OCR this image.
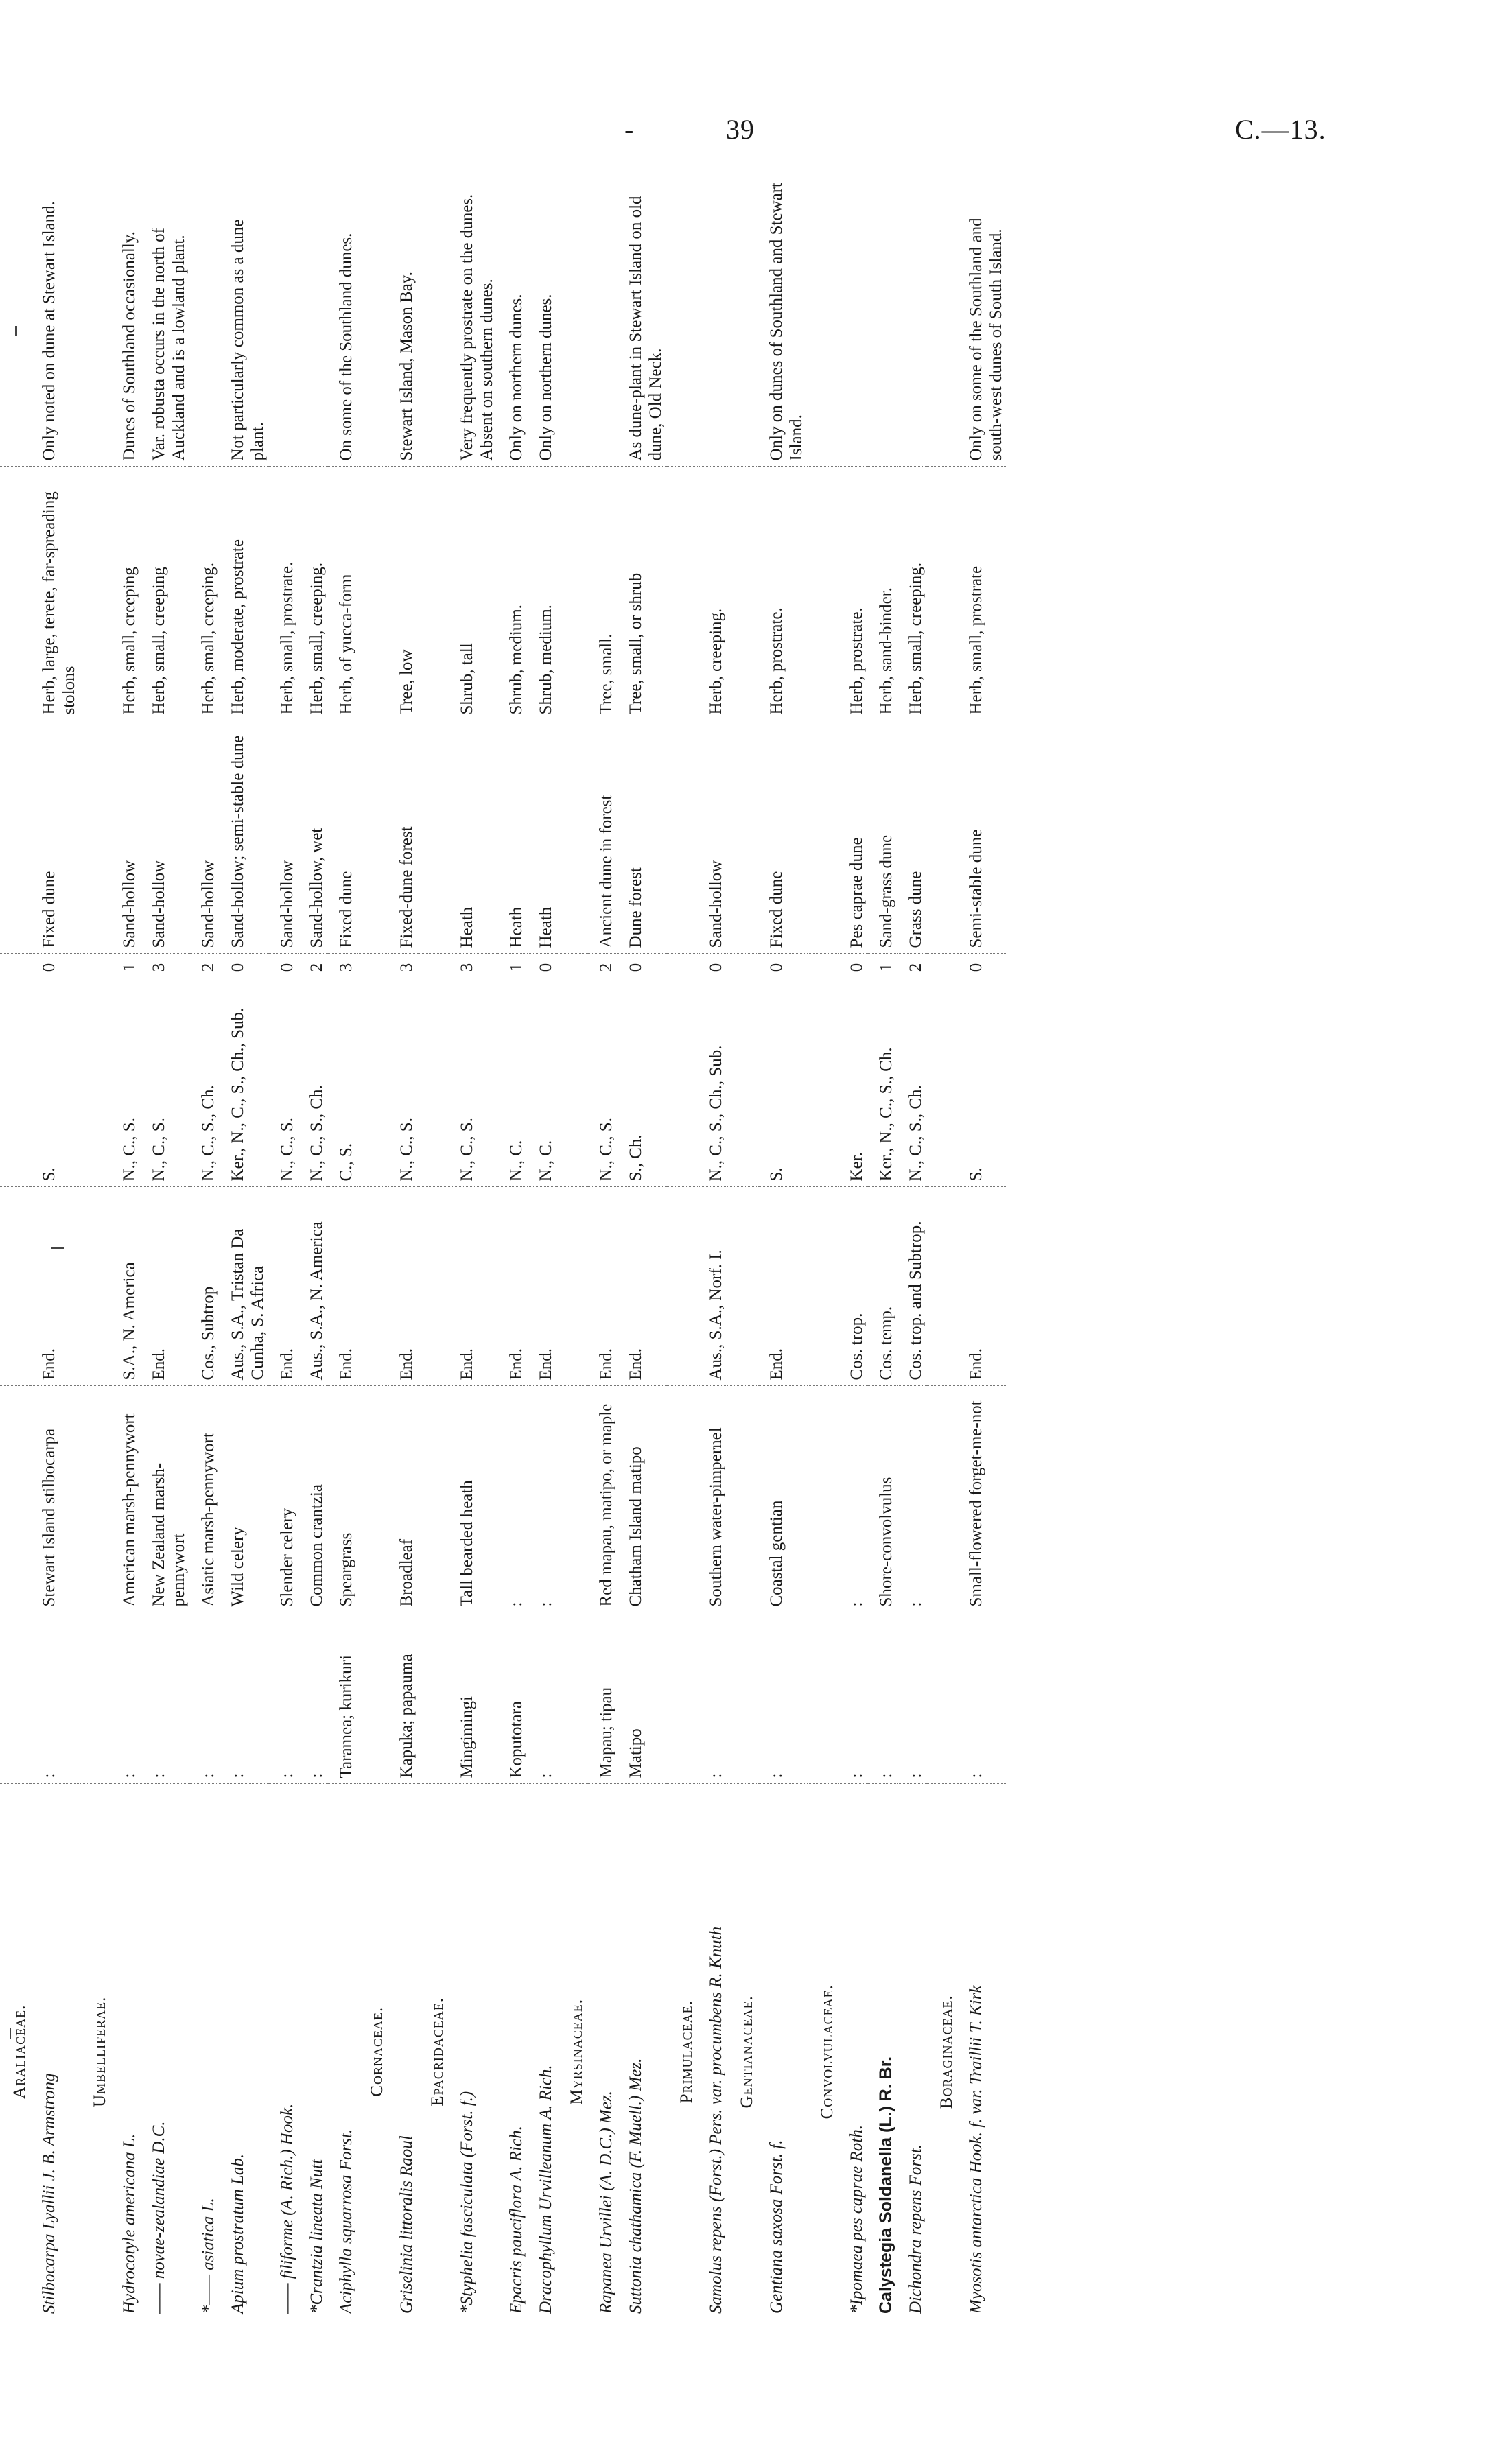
-	39	C.—13.
Araliaceae.								
Stilbocarpa Lyallii J. B. Armstrong	:	Stewart Island stilbocarpa	End.	S.	0	Fixed dune	Herb, large, terete, far-spreading stolons	Only noted on dune at Stewart Island.
Umbelliferae.								
Hydrocotyle americana L.	:	American marsh-pennywort	S.A., N. America	N., C., S.	1	Sand-hollow	Herb, small, creeping	Dunes of Southland occasionally.
—— novae-zealandiae D.C.	:	New Zealand marsh-pennywort	End.	N., C., S.	3	Sand-hollow	Herb, small, creeping	Var. robusta occurs in the north of Auckland and is a lowland plant.
*—— asiatica L.	:	Asiatic marsh-pennywort	Cos., Subtrop	N., C., S., Ch.	2	Sand-hollow	Herb, small, creeping.	
Apium prostratum Lab.	:	Wild celery	Aus., S.A., Tristan Da Cunha, S. Africa	Ker., N., C., S., Ch., Sub.	0	Sand-hollow; semi-stable dune	Herb, moderate, prostrate	Not particularly common as a dune plant.
—— filiforme (A. Rich.) Hook.	:	Slender celery	End.	N., C., S.	0	Sand-hollow	Herb, small, prostrate.	
*Crantzia lineata Nutt	:	Common crantzia	Aus., S.A., N. America	N., C., S., Ch.	2	Sand-hollow, wet	Herb, small, creeping.	
Aciphylla squarrosa Forst.	Taramea; kurikuri	Speargrass	End.	C., S.	3	Fixed dune	Herb, of yucca-form	On some of the Southland dunes.
Cornaceae.								
Griselinia littoralis Raoul	Kapuka; papauma	Broadleaf	End.	N., C., S.	3	Fixed-dune forest	Tree, low	Stewart Island, Mason Bay.
Epacridaceae.								
*Styphelia fasciculata (Forst. f.)	Mingimingi	Tall bearded heath	End.	N., C., S.	3	Heath	Shrub, tall	Very frequently prostrate on the dunes. Absent on southern dunes.
Epacris pauciflora A. Rich.	Koputotara	:	End.	N., C.	1	Heath	Shrub, medium.	Only on northern dunes.
Dracophyllum Urvilleanum A. Rich.	:	:	End.	N., C.	0	Heath	Shrub, medium.	Only on northern dunes.
Myrsinaceae.								
Rapanea Urvillei (A. D.C.) Mez.	Mapau; tipau	Red mapau, matipo, or maple	End.	N., C., S.	2	Ancient dune in forest	Tree, small.	
Suttonia chathamica (F. Muell.) Mez.	Matipo	Chatham Island matipo	End.	S., Ch.	0	Dune forest	Tree, small, or shrub	As dune-plant in Stewart Island on old dune, Old Neck.
Primulaceae.								
Samolus repens (Forst.) Pers. var. procumbens R. Knuth	:	Southern water-pimpernel	Aus., S.A., Norf. I.	N., C., S., Ch., Sub.	0	Sand-hollow	Herb, creeping.	
Gentianaceae.								
Gentiana saxosa Forst. f.	:	Coastal gentian	End.	S.	0	Fixed dune	Herb, prostrate.	Only on dunes of Southland and Stewart Island.
Convolvulaceae.								
*Ipomaea pes caprae Roth.	:	:	Cos. trop.	Ker.	0	Pes caprae dune	Herb, prostrate.	
Calystegia Soldanella (L.) R. Br.	:	Shore-convolvulus	Cos. temp.	Ker., N., C., S., Ch.	1	Sand-grass dune	Herb, sand-binder.	
Dichondra repens Forst.	:	:	Cos. trop. and Subtrop.	N., C., S., Ch.	2	Grass dune	Herb, small, creeping.	
Boraginaceae.								
Myosotis antarctica Hook. f. var. Traillii T. Kirk	:	Small-flowered forget-me-not	End.	S.	0	Semi-stable dune	Herb, small, prostrate	Only on some of the Southland and south-west dunes of South Island.
